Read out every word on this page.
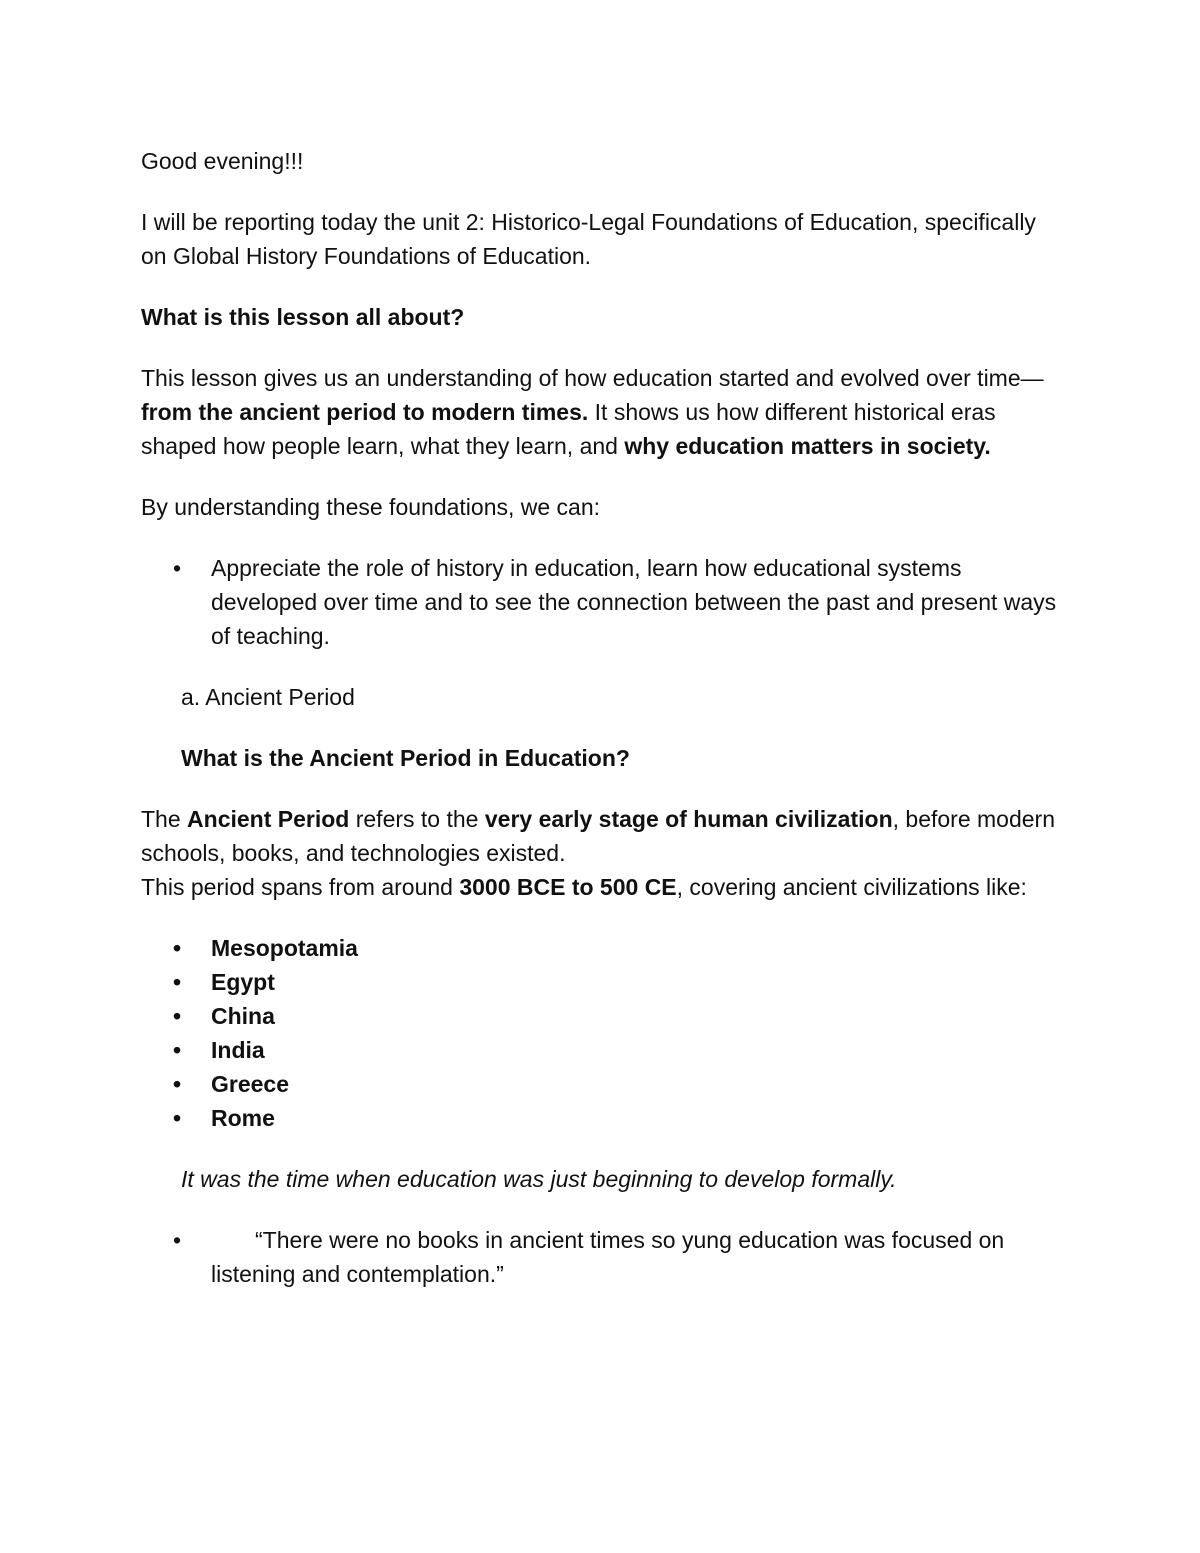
Good evening!!!

I will be reporting today the unit 2: Historico-Legal Foundations of Education, specifically on Global History Foundations of Education.

What is this lesson all about?

This lesson gives us an understanding of how education started and evolved over time—from the ancient period to modern times. It shows us how different historical eras shaped how people learn, what they learn, and why education matters in society.

By understanding these foundations, we can:

• Appreciate the role of history in education, learn how educational systems developed over time and to see the connection between the past and present ways of teaching.

a. Ancient Period

What is the Ancient Period in Education?

The Ancient Period refers to the very early stage of human civilization, before modern schools, books, and technologies existed.

This period spans from around 3000 BCE to 500 CE, covering ancient civilizations like:

• Mesopotamia
• Egypt
• China
• India
• Greece
• Rome

It was the time when education was just beginning to develop formally.

•	“There were no books in ancient times so yung education was focused on listening and contemplation.”
